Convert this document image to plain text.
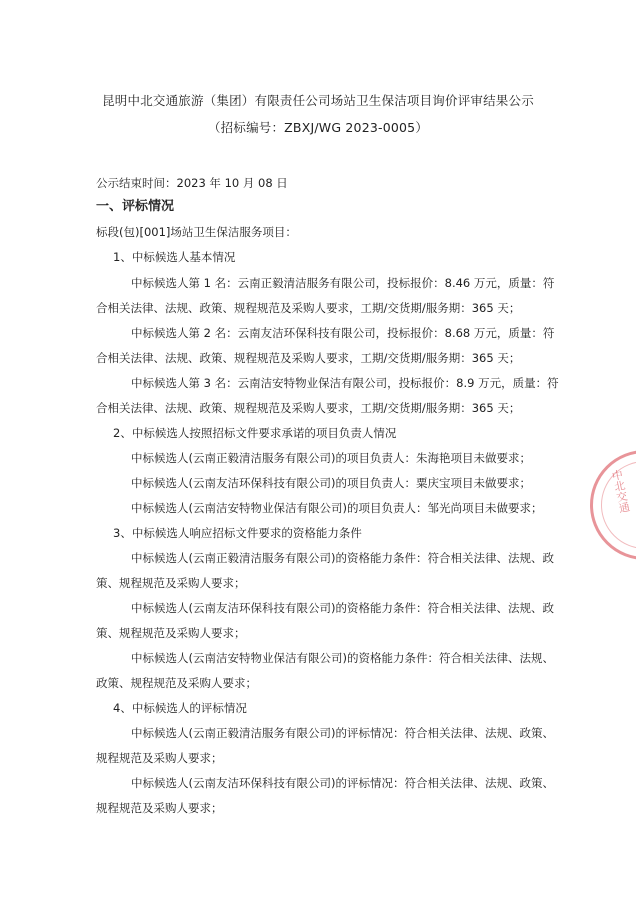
昆明中北交通旅游（集团）有限责任公司场站卫生保洁项目询价评审结果公示
（招标编号：ZBXJ/WG 2023-0005）
公示结束时间：2023 年 10 月 08 日
一、评标情况
标段(包)[001]场站卫生保洁服务项目：
1、中标候选人基本情况
中标候选人第 1 名：云南正毅清洁服务有限公司，投标报价：8.46 万元，质量：符
合相关法律、法规、政策、规程规范及采购人要求，工期/交货期/服务期：365 天；
中标候选人第 2 名：云南友洁环保科技有限公司，投标报价：8.68 万元，质量：符
合相关法律、法规、政策、规程规范及采购人要求，工期/交货期/服务期：365 天；
中标候选人第 3 名：云南洁安特物业保洁有限公司，投标报价：8.9 万元，质量：符
合相关法律、法规、政策、规程规范及采购人要求，工期/交货期/服务期：365 天；
2、中标候选人按照招标文件要求承诺的项目负责人情况
中标候选人(云南正毅清洁服务有限公司)的项目负责人：朱海艳项目未做要求；
中标候选人(云南友洁环保科技有限公司)的项目负责人：粟庆宝项目未做要求；
中标候选人(云南洁安特物业保洁有限公司)的项目负责人：邹光尚项目未做要求；
3、中标候选人响应招标文件要求的资格能力条件
中标候选人(云南正毅清洁服务有限公司)的资格能力条件：符合相关法律、法规、政
策、规程规范及采购人要求；
中标候选人(云南友洁环保科技有限公司)的资格能力条件：符合相关法律、法规、政
策、规程规范及采购人要求；
中标候选人(云南洁安特物业保洁有限公司)的资格能力条件：符合相关法律、法规、
政策、规程规范及采购人要求；
4、中标候选人的评标情况
中标候选人(云南正毅清洁服务有限公司)的评标情况：符合相关法律、法规、政策、
规程规范及采购人要求；
中标候选人(云南友洁环保科技有限公司)的评标情况：符合相关法律、法规、政策、
规程规范及采购人要求；
中北交通
